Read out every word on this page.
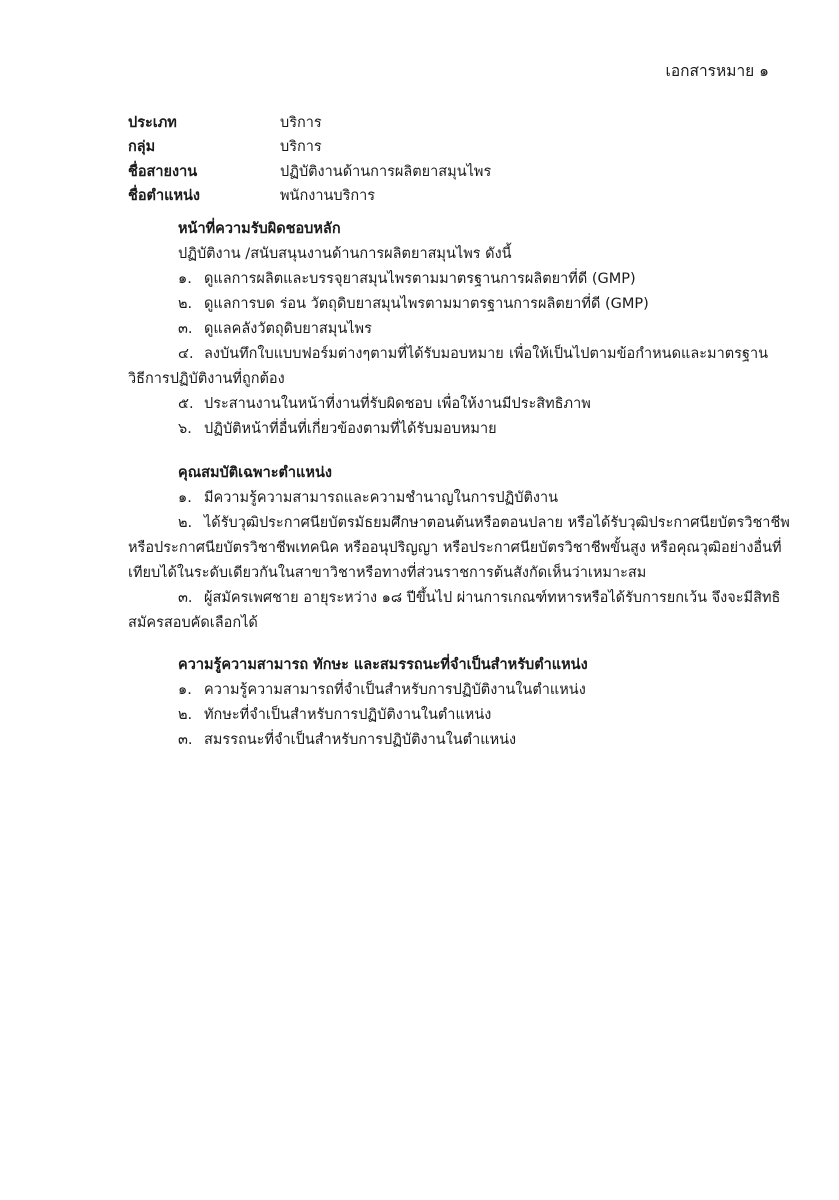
เอกสารหมาย ๑
ประเภท	บริการ
กลุ่ม	บริการ
ชื่อสายงาน	ปฏิบัติงานด้านการผลิตยาสมุนไพร
ชื่อตำแหน่ง	พนักงานบริการ
หน้าที่ความรับผิดชอบหลัก
ปฏิบัติงาน /สนับสนุนงานด้านการผลิตยาสมุนไพร ดังนี้
๑. ดูแลการผลิตและบรรจุยาสมุนไพรตามมาตรฐานการผลิตยาที่ดี (GMP)
๒. ดูแลการบด ร่อน วัตถุดิบยาสมุนไพรตามมาตรฐานการผลิตยาที่ดี (GMP)
๓. ดูแลคลังวัตถุดิบยาสมุนไพร
๔. ลงบันทึกใบแบบฟอร์มต่างๆตามที่ได้รับมอบหมาย เพื่อให้เป็นไปตามข้อกำหนดและมาตรฐาน
วิธีการปฏิบัติงานที่ถูกต้อง
๕. ประสานงานในหน้าที่งานที่รับผิดชอบ เพื่อให้งานมีประสิทธิภาพ
๖. ปฏิบัติหน้าที่อื่นที่เกี่ยวข้องตามที่ได้รับมอบหมาย
คุณสมบัติเฉพาะตำแหน่ง
๑. มีความรู้ความสามารถและความชำนาญในการปฏิบัติงาน
๒. ได้รับวุฒิประกาศนียบัตรมัธยมศึกษาตอนต้นหรือตอนปลาย หรือได้รับวุฒิประกาศนียบัตรวิชาชีพ
หรือประกาศนียบัตรวิชาชีพเทคนิค หรืออนุปริญญา หรือประกาศนียบัตรวิชาชีพขั้นสูง หรือคุณวุฒิอย่างอื่นที่
เทียบได้ในระดับเดียวกันในสาขาวิชาหรือทางที่ส่วนราชการต้นสังกัดเห็นว่าเหมาะสม
๓. ผู้สมัครเพศชาย อายุระหว่าง ๑๘ ปีขึ้นไป ผ่านการเกณฑ์ทหารหรือได้รับการยกเว้น จึงจะมีสิทธิ
สมัครสอบคัดเลือกได้
ความรู้ความสามารถ ทักษะ และสมรรถนะที่จำเป็นสำหรับตำแหน่ง
๑. ความรู้ความสามารถที่จำเป็นสำหรับการปฏิบัติงานในตำแหน่ง
๒. ทักษะที่จำเป็นสำหรับการปฏิบัติงานในตำแหน่ง
๓. สมรรถนะที่จำเป็นสำหรับการปฏิบัติงานในตำแหน่ง
